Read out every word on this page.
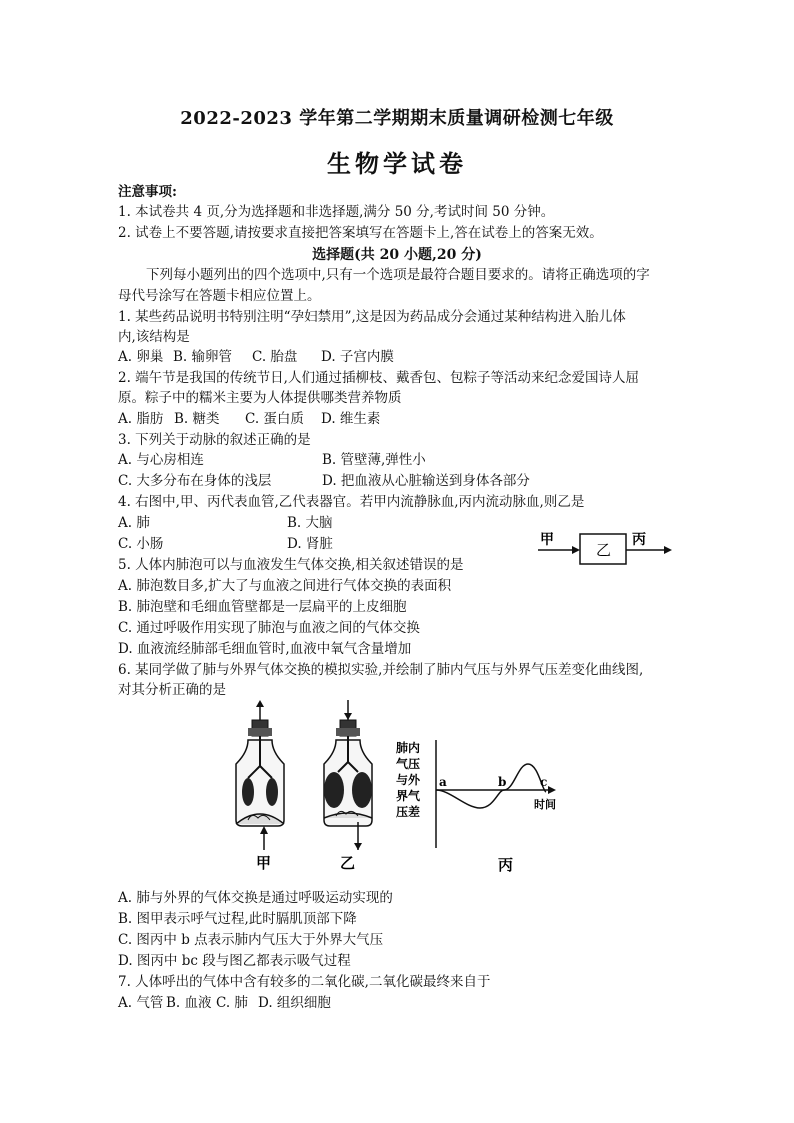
2022-2023 学年第二学期期末质量调研检测七年级
生物学试卷
注意事项:
1. 本试卷共 4 页,分为选择题和非选择题,满分 50 分,考试时间 50 分钟。
2. 试卷上不要答题,请按要求直接把答案填写在答题卡上,答在试卷上的答案无效。
选择题(共 20 小题,20 分)
下列每小题列出的四个选项中,只有一个选项是最符合题目要求的。请将正确选项的字
母代号涂写在答题卡相应位置上。
1. 某些药品说明书特别注明“孕妇禁用”,这是因为药品成分会通过某种结构进入胎儿体
内,该结构是
A. 卵巢 B. 输卵管 C. 胎盘 D. 子宫内膜
2. 端午节是我国的传统节日,人们通过插柳枝、戴香包、包粽子等活动来纪念爱国诗人屈
原。粽子中的糯米主要为人体提供哪类营养物质
A. 脂肪 B. 糖类 C. 蛋白质 D. 维生素
3. 下列关于动脉的叙述正确的是
A. 与心房相连	B. 管壁薄,弹性小
C. 大多分布在身体的浅层	D. 把血液从心脏输送到身体各部分
4. 右图中,甲、丙代表血管,乙代表器官。若甲内流静脉血,丙内流动脉血,则乙是
A. 肺	B. 大脑
C. 小肠	D. 肾脏	甲
乙
丙
5. 人体内肺泡可以与血液发生气体交换,相关叙述错误的是
A. 肺泡数目多,扩大了与血液之间进行气体交换的表面积
B. 肺泡壁和毛细血管壁都是一层扁平的上皮细胞
C. 通过呼吸作用实现了肺泡与血液之间的气体交换
D. 血液流经肺部毛细血管时,血液中氧气含量增加
6. 某同学做了肺与外界气体交换的模拟实验,并绘制了肺内气压与外界气压差变化曲线图,
对其分析正确的是
甲	乙
肺内
气压
与外
界气
压差
a	b	c
时间
丙
A. 肺与外界的气体交换是通过呼吸运动实现的
B. 图甲表示呼气过程,此时膈肌顶部下降
C. 图丙中 b 点表示肺内气压大于外界大气压
D. 图丙中 bc 段与图乙都表示吸气过程
7. 人体呼出的气体中含有较多的二氧化碳,二氧化碳最终来自于
A. 气管 B. 血液 C. 肺 D. 组织细胞
